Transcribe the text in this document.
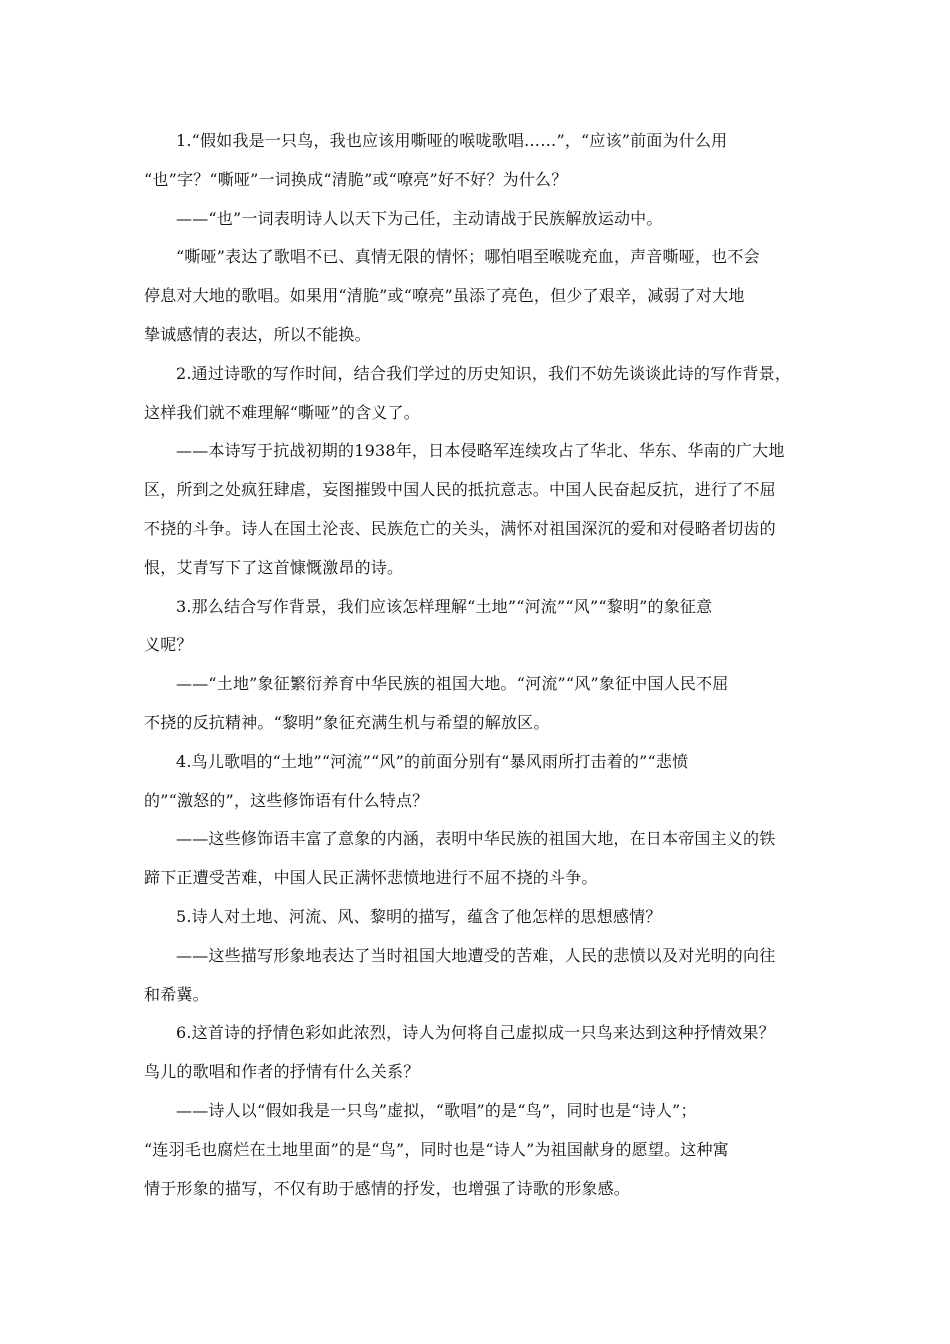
1.“假如我是一只鸟，我也应该用嘶哑的喉咙歌唱……”，“应该”前面为什么用
“也”字？“嘶哑”一词换成“清脆”或“嘹亮”好不好？为什么？
——“也”一词表明诗人以天下为己任，主动请战于民族解放运动中。
“嘶哑”表达了歌唱不已、真情无限的情怀；哪怕唱至喉咙充血，声音嘶哑，也不会
停息对大地的歌唱。如果用“清脆”或“嘹亮”虽添了亮色，但少了艰辛，减弱了对大地
挚诚感情的表达，所以不能换。
2.通过诗歌的写作时间，结合我们学过的历史知识，我们不妨先谈谈此诗的写作背景，
这样我们就不难理解“嘶哑”的含义了。
——本诗写于抗战初期的1938年，日本侵略军连续攻占了华北、华东、华南的广大地
区，所到之处疯狂肆虐，妄图摧毁中国人民的抵抗意志。中国人民奋起反抗，进行了不屈
不挠的斗争。诗人在国土沦丧、民族危亡的关头，满怀对祖国深沉的爱和对侵略者切齿的
恨，艾青写下了这首慷慨激昂的诗。
3.那么结合写作背景，我们应该怎样理解“土地”“河流”“风”“黎明”的象征意
义呢？
——“土地”象征繁衍养育中华民族的祖国大地。“河流”“风”象征中国人民不屈
不挠的反抗精神。“黎明”象征充满生机与希望的解放区。
4.鸟儿歌唱的“土地”“河流”“风”的前面分别有“暴风雨所打击着的”“悲愤
的”“激怒的”，这些修饰语有什么特点？
——这些修饰语丰富了意象的内涵，表明中华民族的祖国大地，在日本帝国主义的铁
蹄下正遭受苦难，中国人民正满怀悲愤地进行不屈不挠的斗争。
5.诗人对土地、河流、风、黎明的描写，蕴含了他怎样的思想感情？
——这些描写形象地表达了当时祖国大地遭受的苦难，人民的悲愤以及对光明的向往
和希冀。
6.这首诗的抒情色彩如此浓烈，诗人为何将自己虚拟成一只鸟来达到这种抒情效果？
鸟儿的歌唱和作者的抒情有什么关系？
——诗人以“假如我是一只鸟”虚拟，“歌唱”的是“鸟”，同时也是“诗人”；
“连羽毛也腐烂在土地里面”的是“鸟”，同时也是“诗人”为祖国献身的愿望。这种寓
情于形象的描写，不仅有助于感情的抒发，也增强了诗歌的形象感。
